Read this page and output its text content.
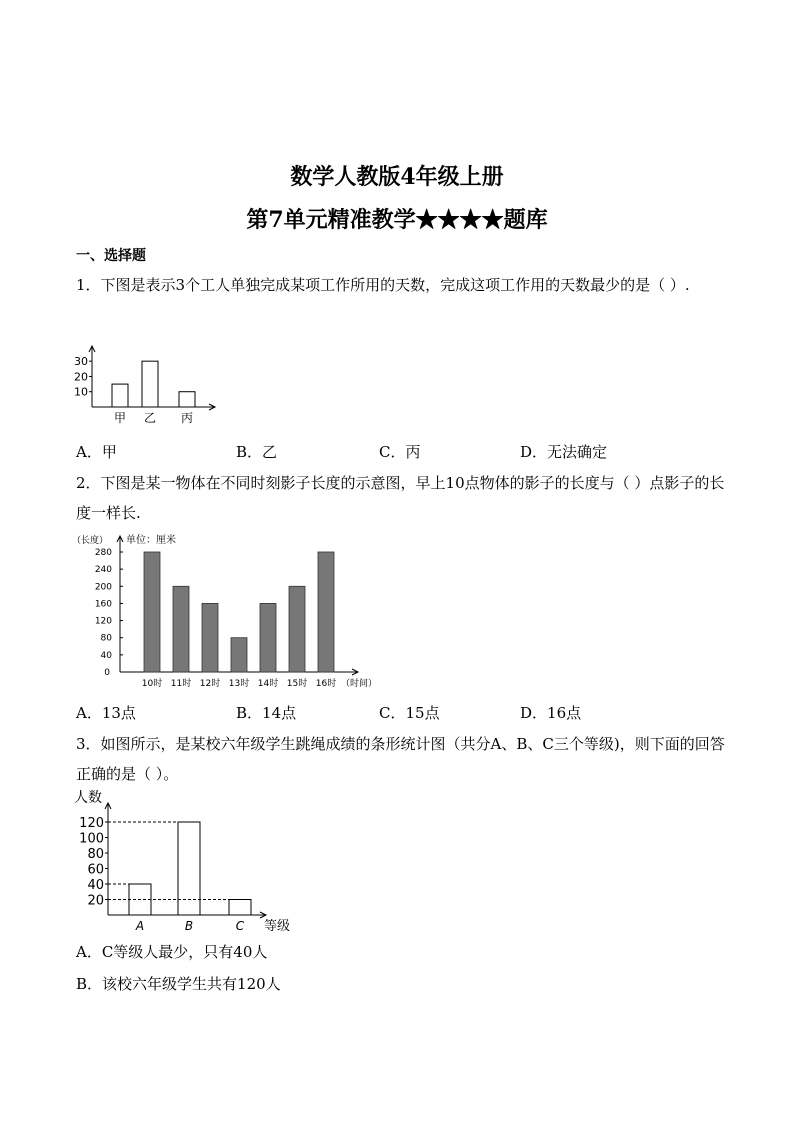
数学人教版4年级上册
第7单元精准教学★★★★题库
一、选择题
1．下图是表示3个工人单独完成某项工作所用的天数，完成这项工作用的天数最少的是（ ）.
10
20
30
甲 乙 丙
A．甲	B．乙	C．丙	D．无法确定
2．下图是某一物体在不同时刻影子长度的示意图，早上10点物体的影子的长度与（ ）点影子的长度一样长.
（长度） 单位：厘米
0
40
80
120
160
200
240
280
10时 11时 12时 13时 14时 15时 16时 （时间）
A．13点	B．14点	C．15点	D．16点
3．如图所示，是某校六年级学生跳绳成绩的条形统计图（共分A、B、C三个等级)，则下面的回答正确的是（ ）。
人数
20
40
60
80
100
120
A	B	C 等级
A．C等级人最少，只有40人
B．该校六年级学生共有120人
